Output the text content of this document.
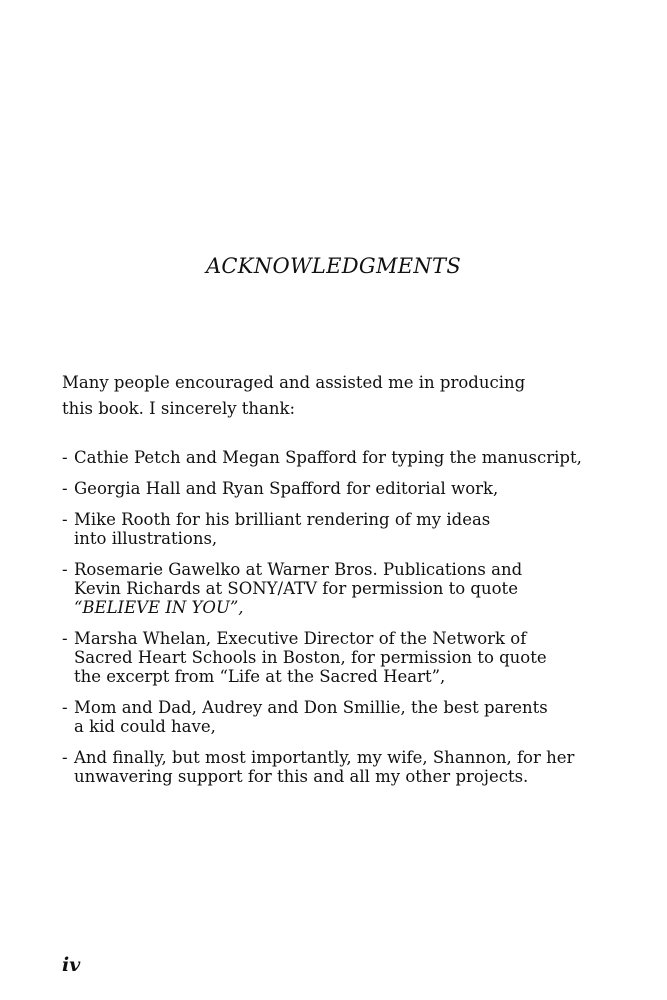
ACKNOWLEDGMENTS

Many people encouraged and assisted me in producing
this book. I sincerely thank:

- Cathie Petch and Megan Spafford for typing the manuscript,
- Georgia Hall and Ryan Spafford for editorial work,
- Mike Rooth for his brilliant rendering of my ideas
into illustrations,
- Rosemarie Gawelko at Warner Bros. Publications and
Kevin Richards at SONY/ATV for permission to quote
“BELIEVE IN YOU”,
- Marsha Whelan, Executive Director of the Network of
Sacred Heart Schools in Boston, for permission to quote
the excerpt from “Life at the Sacred Heart”,
- Mom and Dad, Audrey and Don Smillie, the best parents
a kid could have,
- And finally, but most importantly, my wife, Shannon, for her
unwavering support for this and all my other projects.

iv
